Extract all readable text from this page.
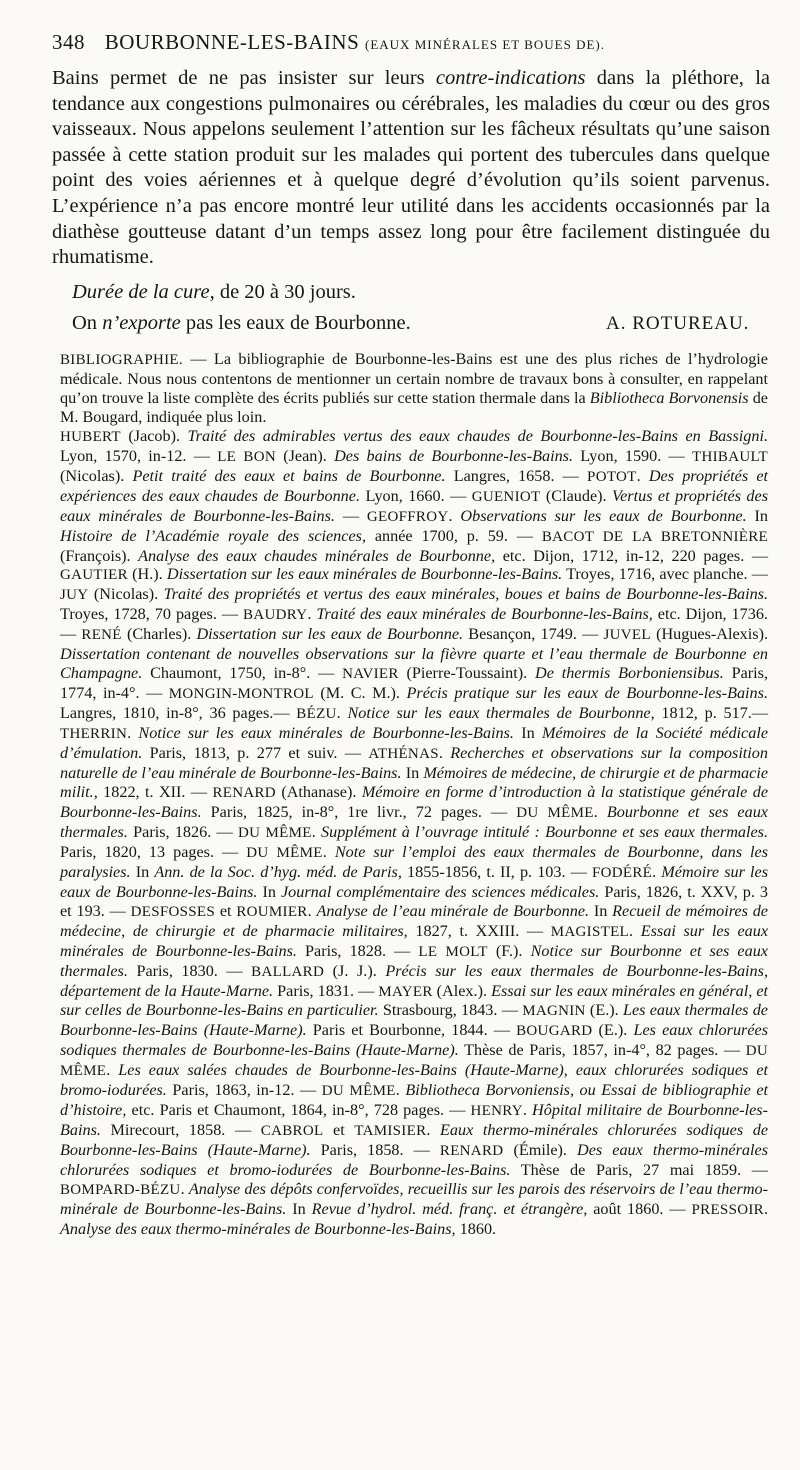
348 BOURBONNE-LES-BAINS (EAUX MINÉRALES ET BOUES DE).

Bains permet de ne pas insister sur leurs contre-indications dans la pléthore, la tendance aux congestions pulmonaires ou cérébrales, les maladies du cœur ou des gros vaisseaux. Nous appelons seulement l’attention sur les fâcheux résultats qu’une saison passée à cette station produit sur les malades qui portent des tubercules dans quelque point des voies aériennes et à quelque degré d’évolution qu’ils soient parvenus. L’expérience n’a pas encore montré leur utilité dans les accidents occasionnés par la diathèse goutteuse datant d’un temps assez long pour être facilement distinguée du rhumatisme.

Durée de la cure, de 20 à 30 jours.
On n’exporte pas les eaux de Bourbonne.	A. ROTUREAU.

BIBLIOGRAPHIE. — La bibliographie de Bourbonne-les-Bains est une des plus riches de l’hydrologie médicale. Nous nous contentons de mentionner un certain nombre de travaux bons à consulter, en rappelant qu’on trouve la liste complète des écrits publiés sur cette station thermale dans la Bibliotheca Borvonensis de M. Bougard, indiquée plus loin.

HUBERT (Jacob). Traité des admirables vertus des eaux chaudes de Bourbonne-les-Bains en Bassigni. Lyon, 1570, in-12. — LE BON (Jean). Des bains de Bourbonne-les-Bains. Lyon, 1590. — THIBAULT (Nicolas). Petit traité des eaux et bains de Bourbonne. Langres, 1658. — POTOT. Des propriétés et expériences des eaux chaudes de Bourbonne. Lyon, 1660. — GUENIOT (Claude). Vertus et propriétés des eaux minérales de Bourbonne-les-Bains. — GEOFFROY. Observations sur les eaux de Bourbonne. In Histoire de l’Académie royale des sciences, année 1700, p. 59. — BACOT DE LA BRETONNIÈRE (François). Analyse des eaux chaudes minérales de Bourbonne, etc. Dijon, 1712, in-12, 220 pages. — GAUTIER (H.). Dissertation sur les eaux minérales de Bourbonne-les-Bains. Troyes, 1716, avec planche. — JUY (Nicolas). Traité des propriétés et vertus des eaux minérales, boues et bains de Bourbonne-les-Bains. Troyes, 1728, 70 pages. — BAUDRY. Traité des eaux minérales de Bourbonne-les-Bains, etc. Dijon, 1736. — RENÉ (Charles). Dissertation sur les eaux de Bourbonne. Besançon, 1749. — JUVEL (Hugues-Alexis). Dissertation contenant de nouvelles observations sur la fièvre quarte et l’eau thermale de Bourbonne en Champagne. Chaumont, 1750, in-8°. — NAVIER (Pierre-Toussaint). De thermis Borboniensibus. Paris, 1774, in-4°. — MONGIN-MONTROL (M. C. M.). Précis pratique sur les eaux de Bourbonne-les-Bains. Langres, 1810, in-8°, 36 pages.— BÉZU. Notice sur les eaux thermales de Bourbonne, 1812, p. 517.— THERRIN. Notice sur les eaux minérales de Bourbonne-les-Bains. In Mémoires de la Société médicale d’émulation. Paris, 1813, p. 277 et suiv. — ATHÉNAS. Recherches et observations sur la composition naturelle de l’eau minérale de Bourbonne-les-Bains. In Mémoires de médecine, de chirurgie et de pharmacie milit., 1822, t. XII. — RENARD (Athanase). Mémoire en forme d’introduction à la statistique générale de Bourbonne-les-Bains. Paris, 1825, in-8°, 1re livr., 72 pages. — DU MÊME. Bourbonne et ses eaux thermales. Paris, 1826. — DU MÊME. Supplément à l’ouvrage intitulé : Bourbonne et ses eaux thermales. Paris, 1820, 13 pages. — DU MÊME. Note sur l’emploi des eaux thermales de Bourbonne, dans les paralysies. In Ann. de la Soc. d’hyg. méd. de Paris, 1855-1856, t. II, p. 103. — FODÉRÉ. Mémoire sur les eaux de Bourbonne-les-Bains. In Journal complémentaire des sciences médicales. Paris, 1826, t. XXV, p. 3 et 193. — DESFOSSES et ROUMIER. Analyse de l’eau minérale de Bourbonne. In Recueil de mémoires de médecine, de chirurgie et de pharmacie militaires, 1827, t. XXIII. — MAGISTEL. Essai sur les eaux minérales de Bourbonne-les-Bains. Paris, 1828. — LE MOLT (F.). Notice sur Bourbonne et ses eaux thermales. Paris, 1830. — BALLARD (J. J.). Précis sur les eaux thermales de Bourbonne-les-Bains, département de la Haute-Marne. Paris, 1831. — MAYER (Alex.). Essai sur les eaux minérales en général, et sur celles de Bourbonne-les-Bains en particulier. Strasbourg, 1843. — MAGNIN (E.). Les eaux thermales de Bourbonne-les-Bains (Haute-Marne). Paris et Bourbonne, 1844. — BOUGARD (E.). Les eaux chlorurées sodiques thermales de Bourbonne-les-Bains (Haute-Marne). Thèse de Paris, 1857, in-4°, 82 pages. — DU MÊME. Les eaux salées chaudes de Bourbonne-les-Bains (Haute-Marne), eaux chlorurées sodiques et bromo-iodurées. Paris, 1863, in-12. — DU MÊME. Bibliotheca Borvoniensis, ou Essai de bibliographie et d’histoire, etc. Paris et Chaumont, 1864, in-8°, 728 pages. — HENRY. Hôpital militaire de Bourbonne-les-Bains. Mirecourt, 1858. — CABROL et TAMISIER. Eaux thermo-minérales chlorurées sodiques de Bourbonne-les-Bains (Haute-Marne). Paris, 1858. — RENARD (Émile). Des eaux thermo-minérales chlorurées sodiques et bromo-iodurées de Bourbonne-les-Bains. Thèse de Paris, 27 mai 1859. — BOMPARD-BÉZU. Analyse des dépôts confervoïdes, recueillis sur les parois des réservoirs de l’eau thermo-minérale de Bourbonne-les-Bains. In Revue d’hydrol. méd. franç. et étrangère, août 1860. — PRESSOIR. Analyse des eaux thermo-minérales de Bourbonne-les-Bains, 1860.
